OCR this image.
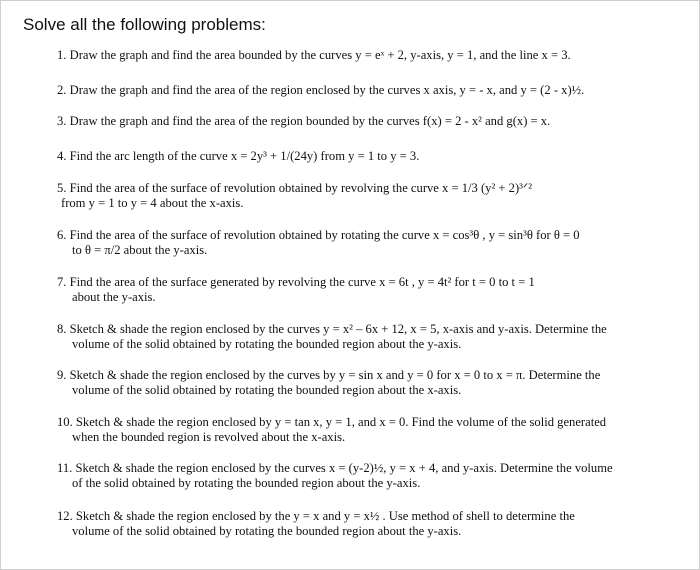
Solve all the following problems:
1. Draw the graph and find the area bounded by the curves y = eˣ + 2, y-axis, y = 1, and the line x = 3.
2. Draw the graph and find the area of the region enclosed by the curves x axis, y = - x, and y = (2 - x)½.
3. Draw the graph and find the area of the region bounded by the curves f(x) = 2 - x² and g(x) = x.
4. Find the arc length of the curve x = 2y³ + 1/(24y) from y = 1 to y = 3.
5. Find the area of the surface of revolution obtained by revolving the curve x = 1/3 (y² + 2)³ᐟ²
from y = 1 to y = 4 about the x-axis.
6. Find the area of the surface of revolution obtained by rotating the curve x = cos³θ , y = sin³θ for θ = 0
to θ = π/2 about the y-axis.
7. Find the area of the surface generated by revolving the curve x = 6t , y = 4t² for t = 0 to t = 1
about the y-axis.
8. Sketch & shade the region enclosed by the curves y = x² – 6x + 12, x = 5, x-axis and y-axis. Determine the
volume of the solid obtained by rotating the bounded region about the y-axis.
9. Sketch & shade the region enclosed by the curves by y = sin x and y = 0 for x = 0 to x = π. Determine the
volume of the solid obtained by rotating the bounded region about the x-axis.
10. Sketch & shade the region enclosed by y = tan x, y = 1, and x = 0. Find the volume of the solid generated
when the bounded region is revolved about the x-axis.
11. Sketch & shade the region enclosed by the curves x = (y-2)½, y = x + 4, and y-axis. Determine the volume
of the solid obtained by rotating the bounded region about the y-axis.
12. Sketch & shade the region enclosed by the y = x and y = x½ . Use method of shell to determine the
volume of the solid obtained by rotating the bounded region about the y-axis.
